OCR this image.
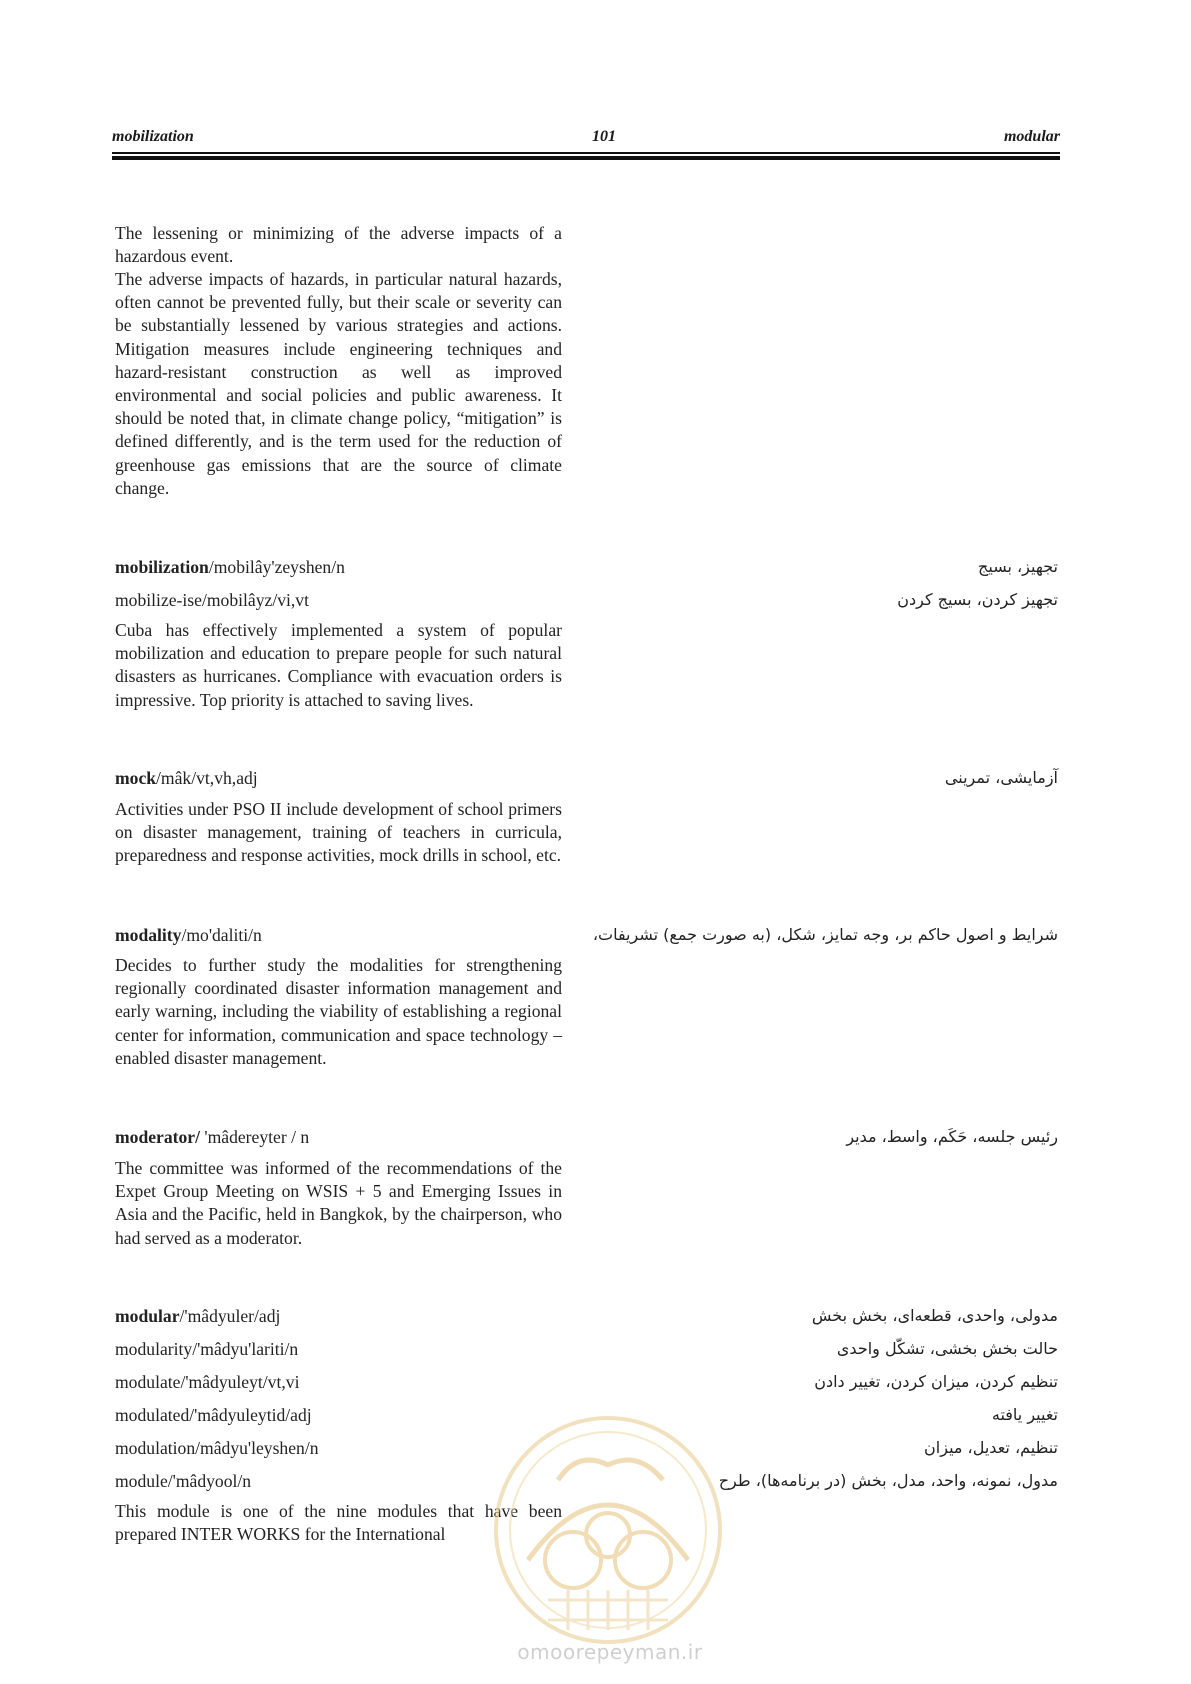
mobilization	101	modular
The lessening or minimizing of the adverse impacts of a hazardous event.
The adverse impacts of hazards, in particular natural hazards, often cannot be prevented fully, but their scale or severity can be substantially lessened by various strategies and actions. Mitigation measures include engineering techniques and hazard-resistant construction as well as improved environmental and social policies and public awareness. It should be noted that, in climate change policy, “mitigation” is defined differently, and is the term used for the reduction of greenhouse gas emissions that are the source of climate change.
mobilization/mobilây'zeyshen/n	تجهیز، بسیج
mobilize-ise/mobilâyz/vi,vt	تجهیز کردن، بسیج کردن
Cuba has effectively implemented a system of popular mobilization and education to prepare people for such natural disasters as hurricanes. Compliance with evacuation orders is impressive. Top priority is attached to saving lives.
mock/mâk/vt,vh,adj	آزمایشی، تمرینی
Activities under PSO II include development of school primers on disaster management, training of teachers in curricula, preparedness and response activities, mock drills in school, etc.
modality/mo'daliti/n	شرایط و اصول حاکم بر، وجه تمایز، شکل، (به صورت جمع) تشریفات،
Decides to further study the modalities for strengthening regionally coordinated disaster information management and early warning, including the viability of establishing a regional center for information, communication and space technology – enabled disaster management.
moderator/ 'mâdereyter / n	رئیس جلسه، حَکَم، واسط، مدیر
The committee was informed of the recommendations of the Expet Group Meeting on WSIS + 5 and Emerging Issues in Asia and the Pacific, held in Bangkok, by the chairperson, who had served as a moderator.
modular/'mâdyuler/adj	مدولی، واحدی، قطعه‌ای، بخش بخش
modularity/'mâdyu'lariti/n	حالت بخش بخشی، تشکّل واحدی
modulate/'mâdyuleyt/vt,vi	تنظیم کردن، میزان کردن، تغییر دادن
modulated/'mâdyuleytid/adj	تغییر یافته
modulation/mâdyu'leyshen/n	تنظیم، تعدیل، میزان
module/'mâdyool/n	مدول، نمونه، واحد، مدل، بخش (در برنامه‌ها)، طرح
This module is one of the nine modules that have been prepared INTER WORKS for the International
omoorepeyman.ir
